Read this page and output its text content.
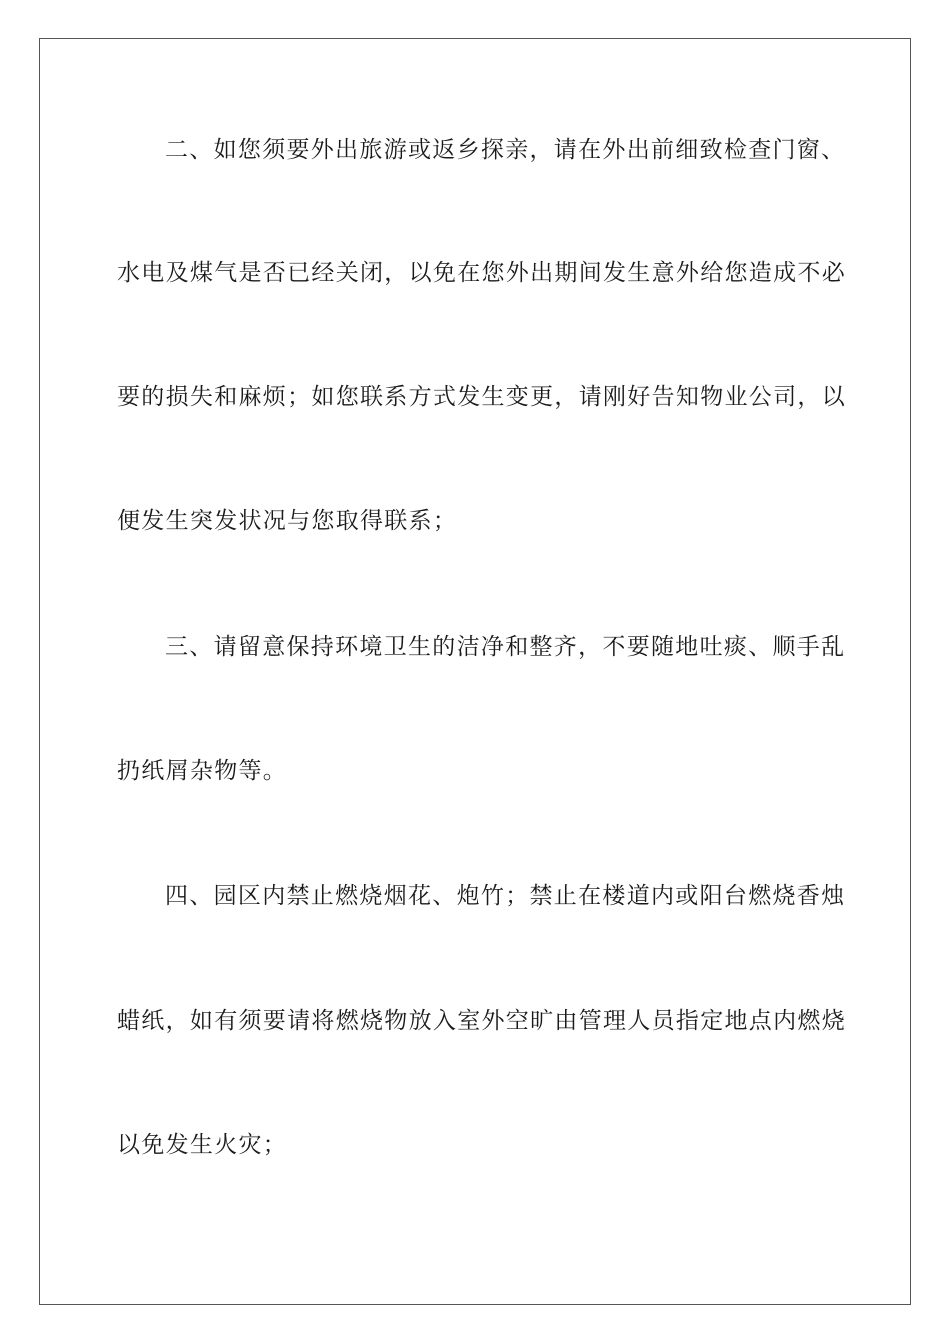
二、如您须要外出旅游或返乡探亲，请在外出前细致检查门窗、
水电及煤气是否已经关闭，以免在您外出期间发生意外给您造成不必
要的损失和麻烦；如您联系方式发生变更，请刚好告知物业公司，以
便发生突发状况与您取得联系；
三、请留意保持环境卫生的洁净和整齐，不要随地吐痰、顺手乱
扔纸屑杂物等。
四、园区内禁止燃烧烟花、炮竹；禁止在楼道内或阳台燃烧香烛
蜡纸，如有须要请将燃烧物放入室外空旷由管理人员指定地点内燃烧
以免发生火灾；
